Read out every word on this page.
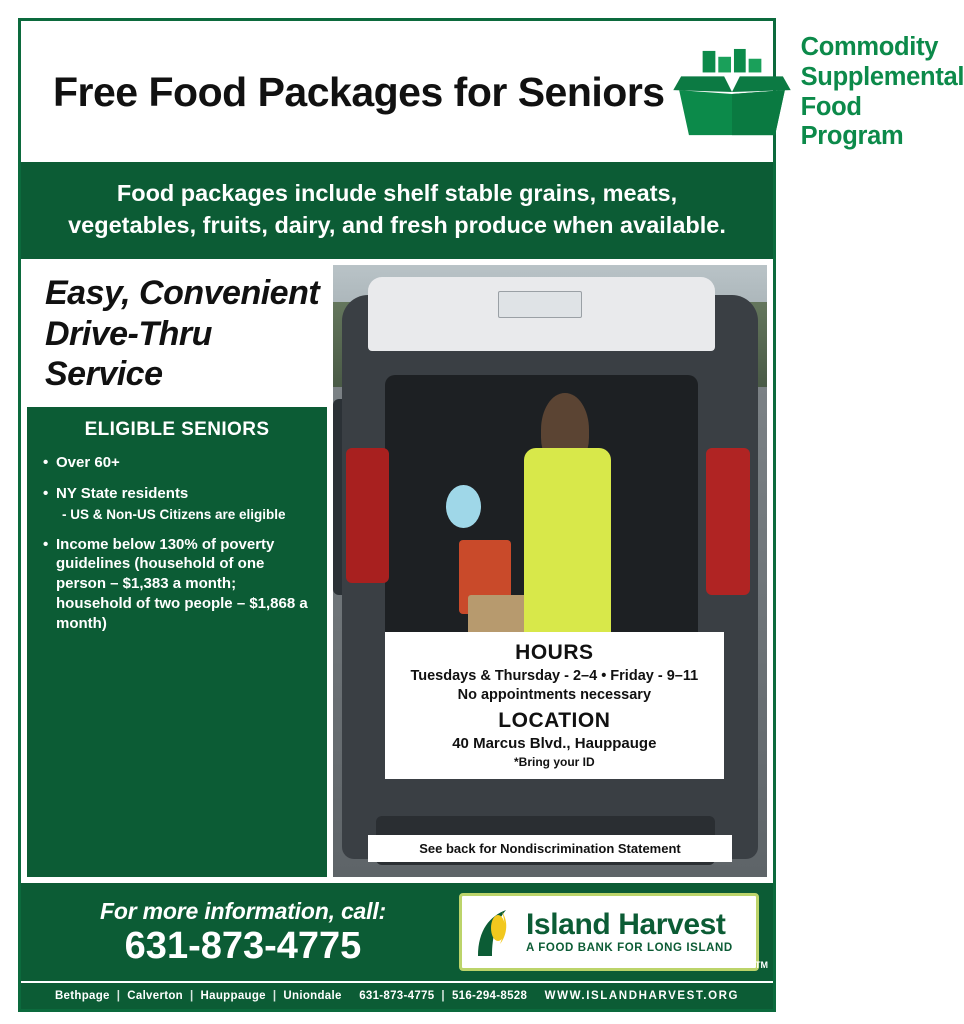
Free Food Packages for Seniors
Commodity
Supplemental
Food Program
Food packages include shelf stable grains, meats, vegetables, fruits, dairy, and fresh produce when available.
Easy, Convenient Drive-Thru Service
ELIGIBLE SENIORS
• Over 60+
• NY State residents
- US & Non-US Citizens are eligible
• Income below 130% of poverty guidelines (household of one person – $1,383 a month; household of two people – $1,868 a month)
HOURS
Tuesdays & Thursday - 2–4 • Friday - 9–11
No appointments necessary
LOCATION
40 Marcus Blvd., Hauppauge
*Bring your ID
See back for Nondiscrimination Statement
For more information, call:
631-873-4775
Island Harvest
A FOOD BANK FOR LONG ISLAND
TM
Bethpage | Calverton | Hauppauge | Uniondale
631-873-4775 | 516-294-8528
WWW.ISLANDHARVEST.ORG
